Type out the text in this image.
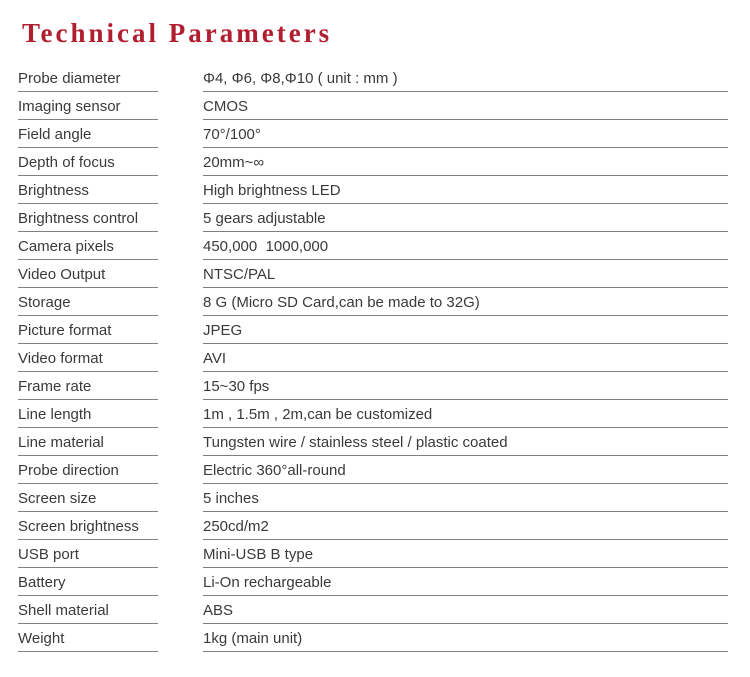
Technical Parameters
Probe diameter	Φ4, Φ6, Φ8,Φ10 ( unit : mm )
Imaging sensor	CMOS
Field angle	70°/100°
Depth of focus	20mm~∞
Brightness	High brightness LED
Brightness control	5 gears adjustable
Camera pixels	450,000  1000,000
Video Output	NTSC/PAL
Storage	8 G (Micro SD Card,can be made to 32G)
Picture format	JPEG
Video format	AVI
Frame rate	15~30 fps
Line length	1m , 1.5m , 2m,can be customized
Line material	Tungsten wire / stainless steel / plastic coated
Probe direction	Electric 360°all-round
Screen size	5 inches
Screen brightness	250cd/m2
USB port	Mini-USB B type
Battery	Li-On rechargeable
Shell material	ABS
Weight	1kg (main unit)
